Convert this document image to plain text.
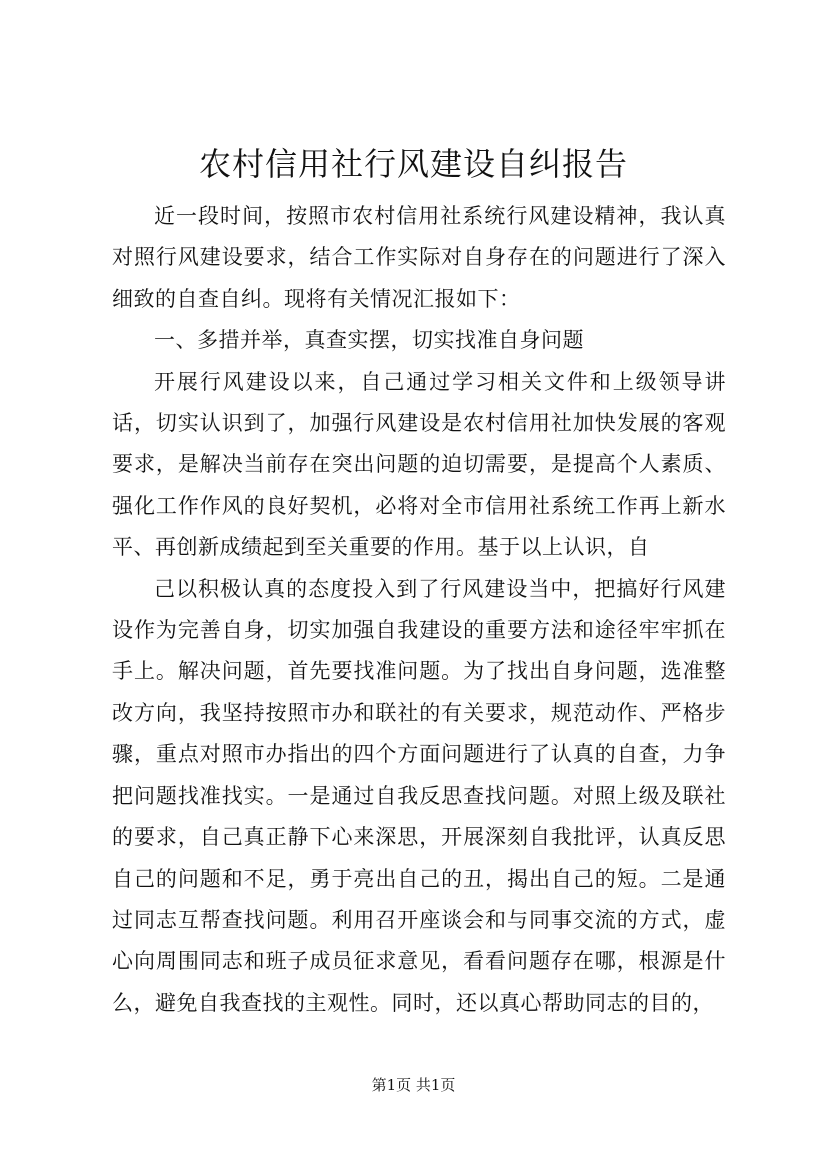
农村信用社行风建设自纠报告

近一段时间，按照市农村信用社系统行风建设精神，我认真对照行风建设要求，结合工作实际对自身存在的问题进行了深入细致的自查自纠。现将有关情况汇报如下：

一、多措并举，真查实摆，切实找准自身问题

开展行风建设以来，自己通过学习相关文件和上级领导讲话，切实认识到了，加强行风建设是农村信用社加快发展的客观要求，是解决当前存在突出问题的迫切需要，是提高个人素质、强化工作作风的良好契机，必将对全市信用社系统工作再上新水平、再创新成绩起到至关重要的作用。基于以上认识，自

己以积极认真的态度投入到了行风建设当中，把搞好行风建设作为完善自身，切实加强自我建设的重要方法和途径牢牢抓在手上。解决问题，首先要找准问题。为了找出自身问题，选准整改方向，我坚持按照市办和联社的有关要求，规范动作、严格步骤，重点对照市办指出的四个方面问题进行了认真的自查，力争把问题找准找实。一是通过自我反思查找问题。对照上级及联社的要求，自己真正静下心来深思，开展深刻自我批评，认真反思自己的问题和不足，勇于亮出自己的丑，揭出自己的短。二是通过同志互帮查找问题。利用召开座谈会和与同事交流的方式，虚心向周围同志和班子成员征求意见，看看问题存在哪，根源是什么，避免自我查找的主观性。同时，还以真心帮助同志的目的，

第1页 共1页
